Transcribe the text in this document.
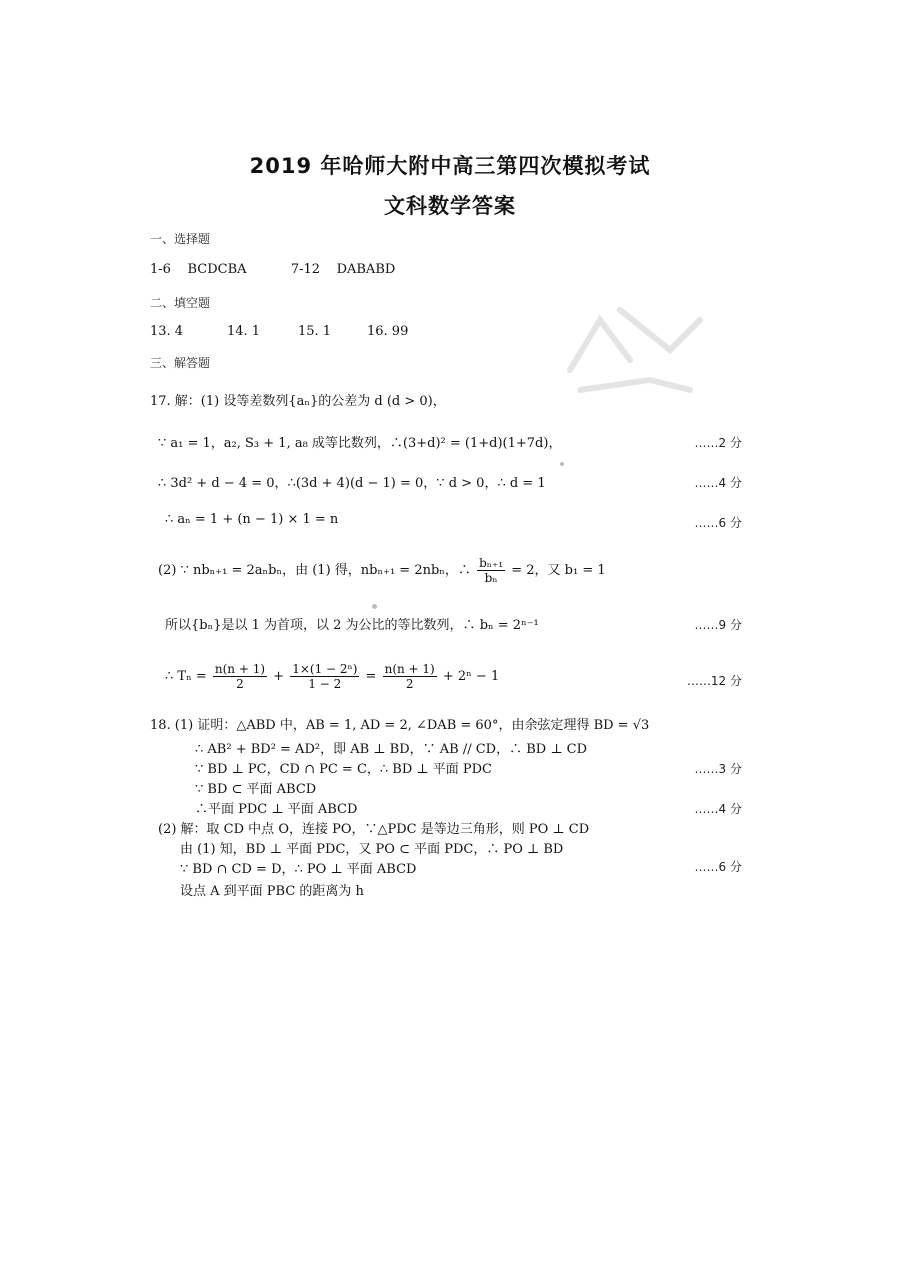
2019 年哈师大附中高三第四次模拟考试
文科数学答案
一、选择题
1-6 BCDCBA	7-12 DABABD
二、填空题
13. 4	14. 1	15. 1	16. 99
三、解答题
17. 解：(1) 设等差数列{aₙ}的公差为 d (d > 0)，
∵ a₁ = 1，a₂, S₃ + 1, a₈ 成等比数列，∴(3+d)² = (1+d)(1+7d)，	……2 分
∴ 3d² + d − 4 = 0，∴(3d + 4)(d − 1) = 0，∵ d > 0，∴ d = 1	……4 分
∴ aₙ = 1 + (n − 1) × 1 = n	……6 分
(2) ∵ nbₙ₊₁ = 2aₙbₙ，由 (1) 得，nbₙ₊₁ = 2nbₙ，∴ $\frac{\text{bₙ₊₁}}{\text{bₙ}} = 2$，又 b₁ = 1
所以{bₙ}是以 1 为首项，以 2 为公比的等比数列，∴ bₙ = 2ⁿ⁻¹	……9 分
∴ $T_n = \frac{n(n + 1)}{2} + \frac{\text{1×(1 − 2ⁿ)}}{1 - 2} = \frac{n(n + 1)}{2} + 2^n - 1$	……12 分
18. (1) 证明：△ABD 中，AB = 1, AD = 2, ∠DAB = 60°，由余弦定理得 BD = √3
∴ AB² + BD² = AD²，即 AB ⊥ BD，∵ AB // CD，∴ BD ⊥ CD
∵ BD ⊥ PC，CD ∩ PC = C，∴ BD ⊥ 平面 PDC	……3 分
∵ BD ⊂ 平面 ABCD
∴平面 PDC ⊥ 平面 ABCD	……4 分
(2) 解：取 CD 中点 O，连接 PO，∵△PDC 是等边三角形，则 PO ⊥ CD
由 (1) 知，BD ⊥ 平面 PDC，又 PO ⊂ 平面 PDC，∴ PO ⊥ BD
∵ BD ∩ CD = D，∴ PO ⊥ 平面 ABCD	……6 分
设点 A 到平面 PBC 的距离为 h
